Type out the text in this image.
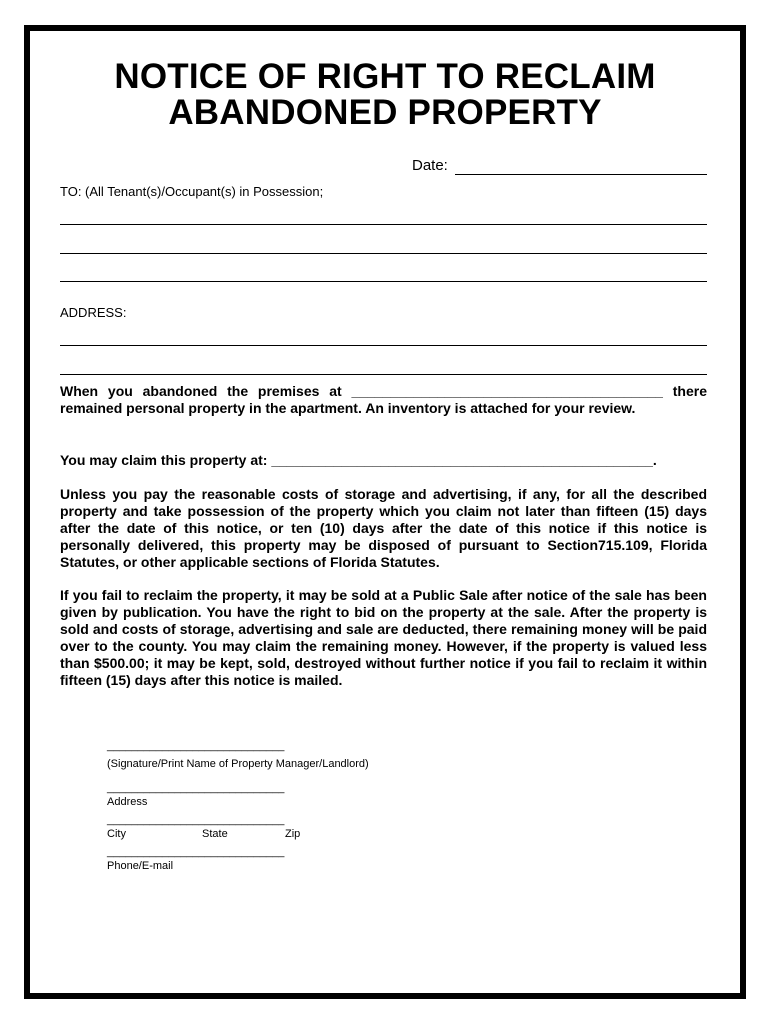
NOTICE OF RIGHT TO RECLAIM
ABANDONED PROPERTY
Date:
TO: (All Tenant(s)/Occupant(s) in Possession;
ADDRESS:
When you abandoned the premises at ________________________________________ there remained personal property in the apartment. An inventory is attached for your review.
You may claim this property at: _________________________________________________.
Unless you pay the reasonable costs of storage and advertising, if any, for all the described property and take possession of the property which you claim not later than fifteen (15) days after the date of this notice, or ten (10) days after the date of this notice if this notice is personally delivered, this property may be disposed of pursuant to Section715.109, Florida Statutes, or other applicable sections of Florida Statutes.
If you fail to reclaim the property, it may be sold at a Public Sale after notice of the sale has been given by publication. You have the right to bid on the property at the sale. After the property is sold and costs of storage, advertising and sale are deducted, there remaining money will be paid over to the county. You may claim the remaining money. However, if the property is valued less than $500.00; it may be kept, sold, destroyed without further notice if you fail to reclaim it within fifteen (15) days after this notice is mailed.
_____________________________
(Signature/Print Name of Property Manager/Landlord)
_____________________________
Address
_____________________________
City	State	Zip
_____________________________
Phone/E-mail
